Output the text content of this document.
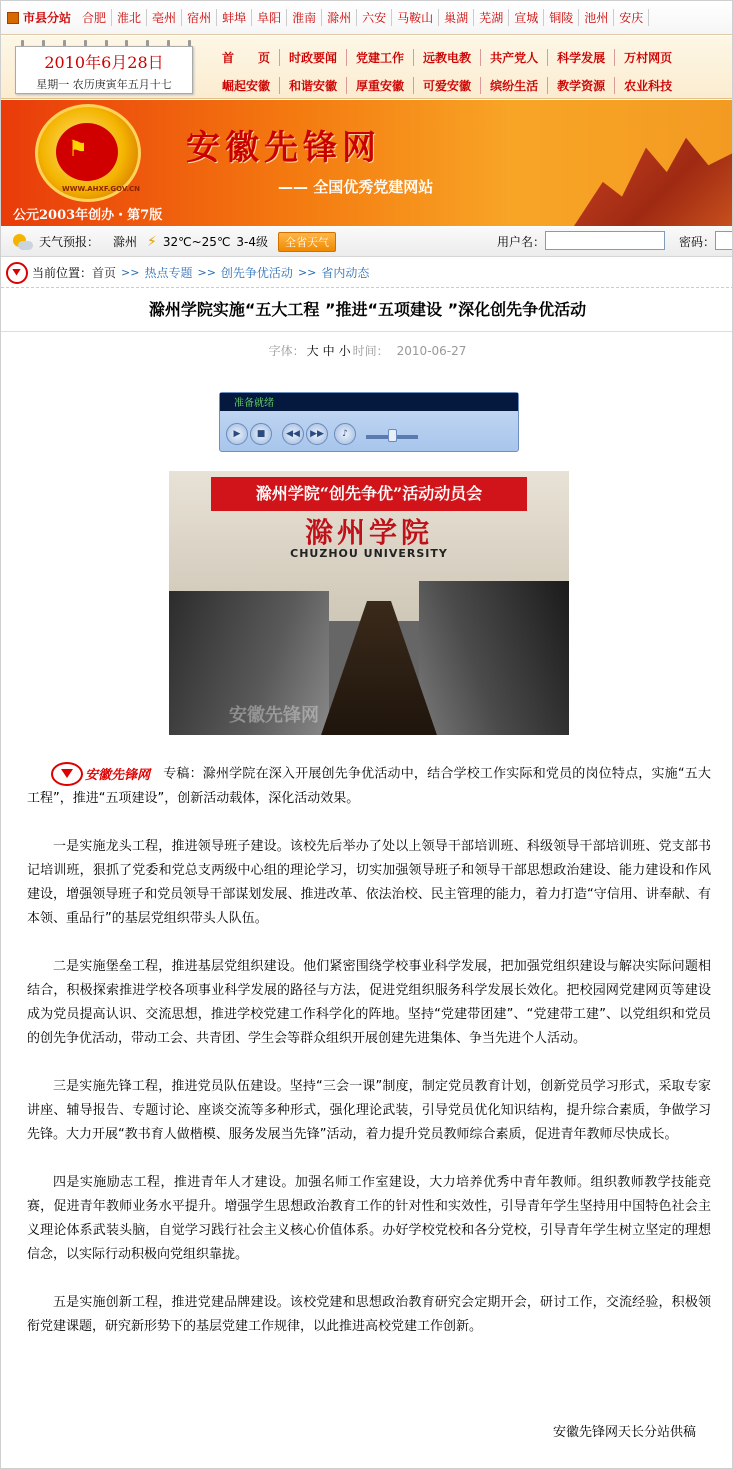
市县分站 合肥 淮北 亳州 宿州 蚌埠 阜阳 淮南 滁州 六安 马鞍山 巢湖 芜湖 宣城 铜陵 池州 安庆
2010年6月28日
星期一 农历庚寅年五月十七
首　　页	时政要闻	党建工作	远教电教	共产党人	科学发展	万村网页
崛起安徽	和谐安徽	厚重安徽	可爱安徽	缤纷生活	教学资源	农业科技
⚑
WWW.AHXF.GOV.CN
安徽先锋网
—— 全国优秀党建网站
公元2003年创办・第7版
天气预报： 滁州 ⚡ 32℃~25℃ 3-4级	全省天气	用户名：	密码：
当前位置： 首页 >> 热点专题 >> 创先争优活动 >> 省内动态
滁州学院实施“五大工程 ”推进“五项建设 ”深化创先争优活动
字体： 大 中 小 时间： 2010-06-27
准备就绪
▶	■	◀◀	▶▶	♪
滁州学院“创先争优”活动动员会
滁州学院
CHUZHOU UNIVERSITY
安徽先锋网

安徽先锋网 专稿：滁州学院在深入开展创先争优活动中，结合学校工作实际和党员的岗位特点，实施“五大工程”，推进“五项建设”，创新活动载体，深化活动效果。

一是实施龙头工程，推进领导班子建设。该校先后举办了处以上领导干部培训班、科级领导干部培训班、党支部书记培训班，狠抓了党委和党总支两级中心组的理论学习，切实加强领导班子和领导干部思想政治建设、能力建设和作风建设，增强领导班子和党员领导干部谋划发展、推进改革、依法治校、民主管理的能力，着力打造“守信用、讲奉献、有本领、重品行”的基层党组织带头人队伍。

二是实施堡垒工程，推进基层党组织建设。他们紧密围绕学校事业科学发展，把加强党组织建设与解决实际问题相结合，积极探索推进学校各项事业科学发展的路径与方法，促进党组织服务科学发展长效化。把校园网党建网页等建设成为党员提高认识、交流思想，推进学校党建工作科学化的阵地。坚持“党建带团建”、“党建带工建”、以党组织和党员的创先争优活动，带动工会、共青团、学生会等群众组织开展创建先进集体、争当先进个人活动。

三是实施先锋工程，推进党员队伍建设。坚持“三会一课”制度，制定党员教育计划，创新党员学习形式，采取专家讲座、辅导报告、专题讨论、座谈交流等多种形式，强化理论武装，引导党员优化知识结构，提升综合素质，争做学习先锋。大力开展“教书育人做楷模、服务发展当先锋”活动，着力提升党员教师综合素质，促进青年教师尽快成长。

四是实施励志工程，推进青年人才建设。加强名师工作室建设，大力培养优秀中青年教师。组织教师教学技能竞赛，促进青年教师业务水平提升。增强学生思想政治教育工作的针对性和实效性，引导青年学生坚持用中国特色社会主义理论体系武装头脑，自觉学习践行社会主义核心价值体系。办好学校党校和各分党校，引导青年学生树立坚定的理想信念，以实际行动积极向党组织靠拢。

五是实施创新工程，推进党建品牌建设。该校党建和思想政治教育研究会定期开会，研讨工作，交流经验，积极领衔党建课题，研究新形势下的基层党建工作规律，以此推进高校党建工作创新。

安徽先锋网天长分站供稿
